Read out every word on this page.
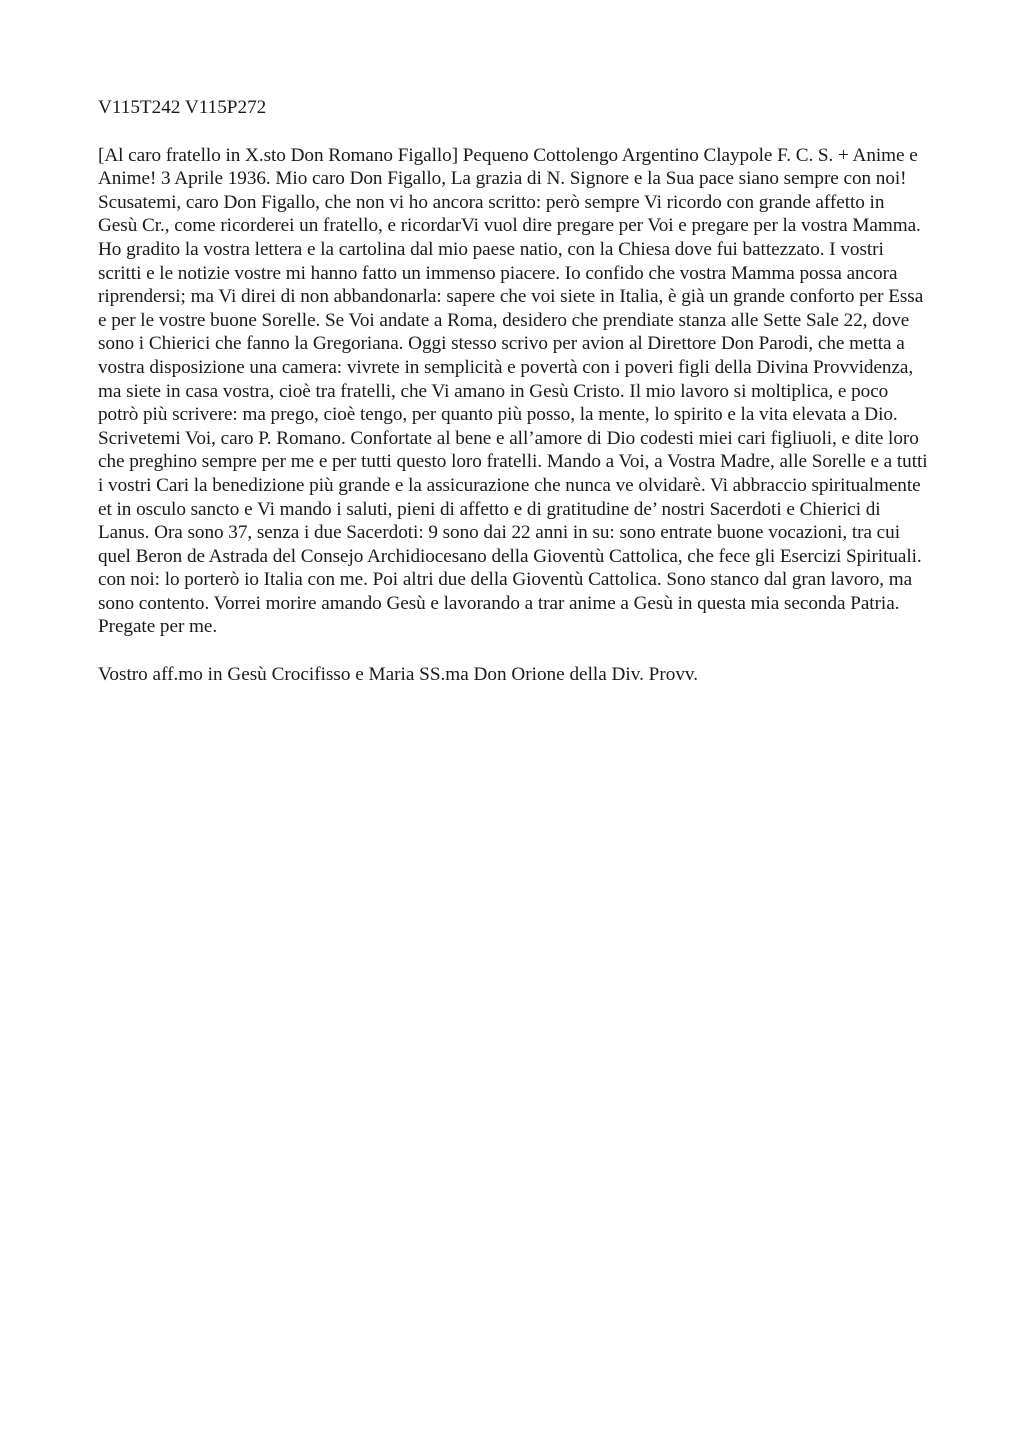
V115T242 V115P272

[Al caro fratello in X.sto Don Romano Figallo] Pequeno Cottolengo Argentino Claypole F. C. S. + Anime e Anime! 3 Aprile 1936. Mio caro Don Figallo, La grazia di N. Signore e la Sua pace siano sempre con noi! Scusatemi, caro Don Figallo, che non vi ho ancora scritto: però sempre Vi ricordo con grande affetto in Gesù Cr., come ricorderei un fratello, e ricordarVi vuol dire pregare per Voi e pregare per la vostra Mamma. Ho gradito la vostra lettera e la cartolina dal mio paese natio, con la Chiesa dove fui battezzato. I vostri scritti e le notizie vostre mi hanno fatto un immenso piacere. Io confido che vostra Mamma possa ancora riprendersi; ma Vi direi di non abbandonarla: sapere che voi siete in Italia, è già un grande conforto per Essa e per le vostre buone Sorelle. Se Voi andate a Roma, desidero che prendiate stanza alle Sette Sale 22, dove sono i Chierici che fanno la Gregoriana. Oggi stesso scrivo per avion al Direttore Don Parodi, che metta a vostra disposizione una camera: vivrete in semplicità e povertà con i poveri figli della Divina Provvidenza, ma siete in casa vostra, cioè tra fratelli, che Vi amano in Gesù Cristo. Il mio lavoro si moltiplica, e poco potrò più scrivere: ma prego, cioè tengo, per quanto più posso, la mente, lo spirito e la vita elevata a Dio. Scrivetemi Voi, caro P. Romano. Confortate al bene e all’amore di Dio codesti miei cari figliuoli, e dite loro che preghino sempre per me e per tutti questo loro fratelli. Mando a Voi, a Vostra Madre, alle Sorelle e a tutti i vostri Cari la benedizione più grande e la assicurazione che nunca ve olvidarè. Vi abbraccio spiritualmente et in osculo sancto e Vi mando i saluti, pieni di affetto e di gratitudine de’ nostri Sacerdoti e Chierici di Lanus. Ora sono 37, senza i due Sacerdoti: 9 sono dai 22 anni in su: sono entrate buone vocazioni, tra cui quel Beron de Astrada del Consejo Archidiocesano della Gioventù Cattolica, che fece gli Esercizi Spirituali. con noi: lo porterò io Italia con me. Poi altri due della Gioventù Cattolica. Sono stanco dal gran lavoro, ma sono contento. Vorrei morire amando Gesù e lavorando a trar anime a Gesù in questa mia seconda Patria. Pregate per me.

Vostro aff.mo in Gesù Crocifisso e Maria SS.ma Don Orione della Div. Provv.
